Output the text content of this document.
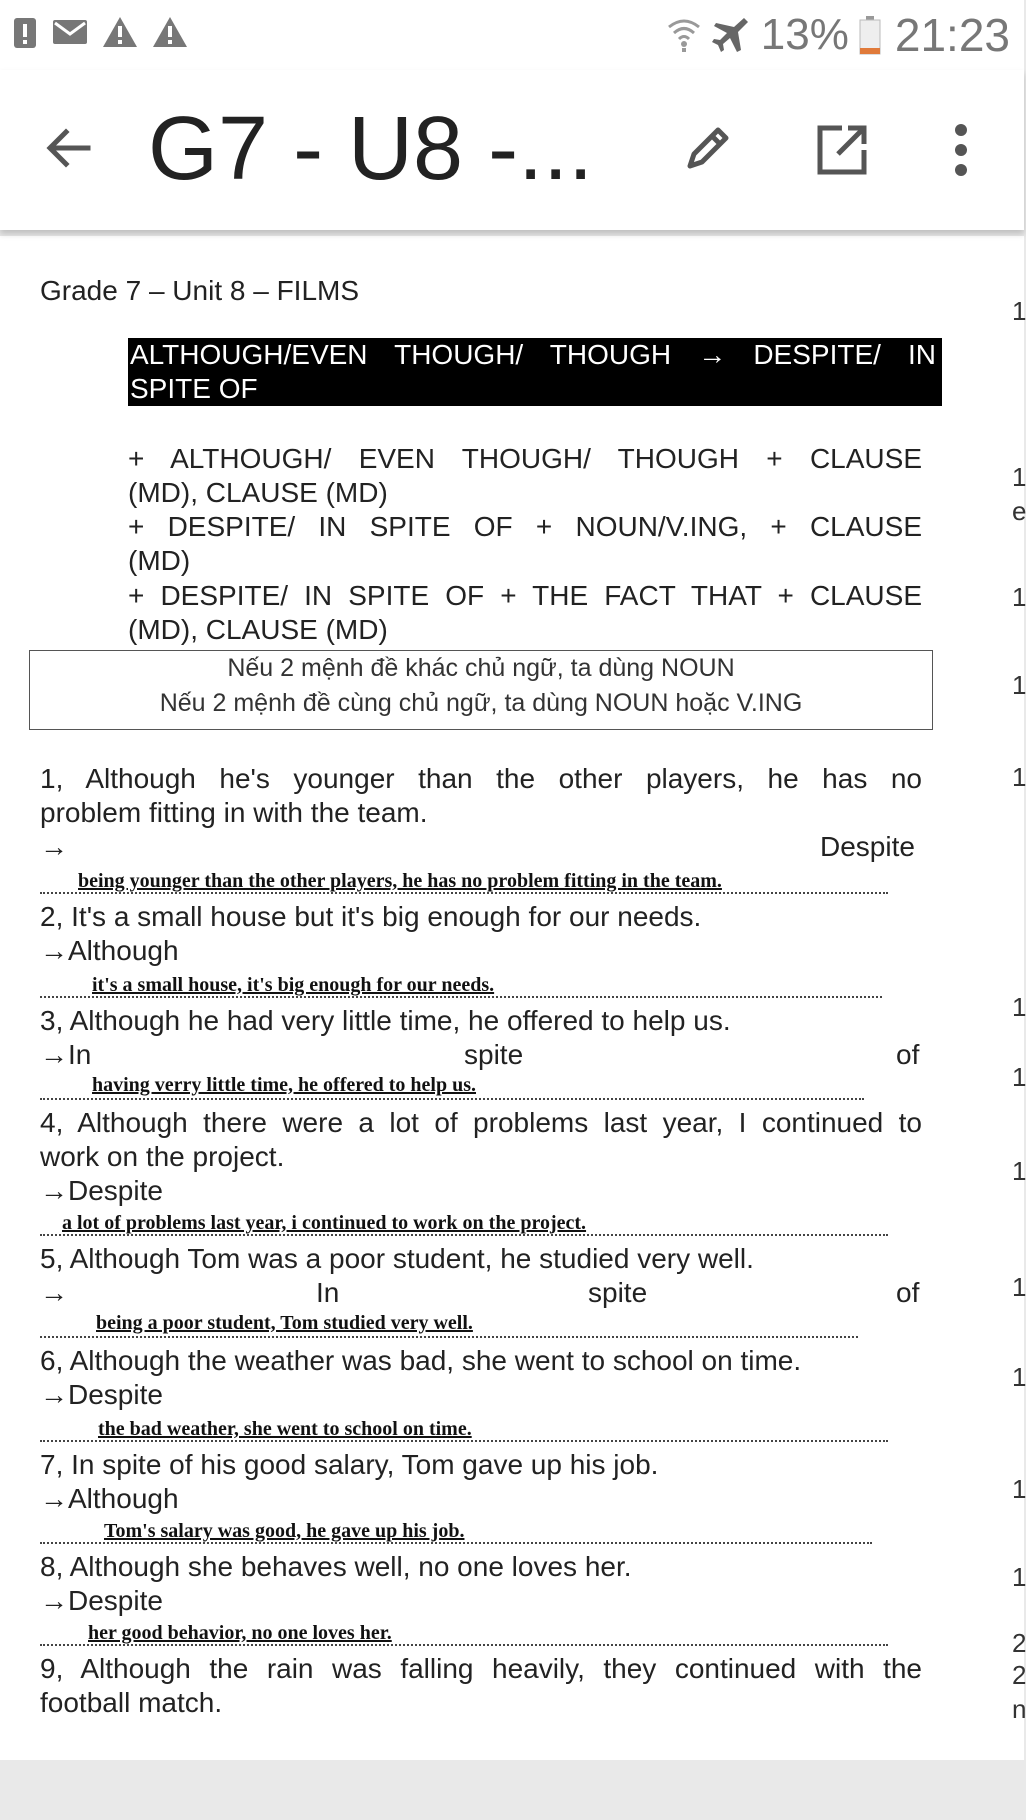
13% 21:23
G7 - U8 -...
Grade 7 – Unit 8 – FILMS
ALTHOUGH/EVEN THOUGH/ THOUGH → DESPITE/ IN
SPITE OF
+ ALTHOUGH/ EVEN THOUGH/ THOUGH + CLAUSE
(MD), CLAUSE (MD)
+ DESPITE/ IN SPITE OF + NOUN/V.ING, + CLAUSE
(MD)
+ DESPITE/ IN SPITE OF + THE FACT THAT + CLAUSE
(MD), CLAUSE (MD)
Nếu 2 mệnh đề khác chủ ngữ, ta dùng NOUN
Nếu 2 mệnh đề cùng chủ ngữ, ta dùng NOUN hoặc V.ING
1, Although he's younger than the other players, he has no
problem fitting in with the team.
→	Despite
being younger than the other players, he has no problem fitting in the team.
2, It's a small house but it's big enough for our needs.
→Although
it's a small house, it's big enough for our needs.
3, Although he had very little time, he offered to help us.
→In	spite	of
having verry little time, he offered to help us.
4, Although there were a lot of problems last year, I continued to
work on the project.
→Despite
a lot of problems last year, i continued to work on the project.
5, Although Tom was a poor student, he studied very well.
→	In	spite	of
being a poor student, Tom studied very well.
6, Although the weather was bad, she went to school on time.
→Despite
the bad weather, she went to school on time.
7, In spite of his good salary, Tom gave up his job.
→Although
Tom's salary was good, he gave up his job.
8, Although she behaves well, no one loves her.
→Despite
her good behavior, no one loves her.
9, Although the rain was falling heavily, they continued with the
football match.
1
1
e
1
1
1
1
1
1
1
1
1
1
2
2
n
